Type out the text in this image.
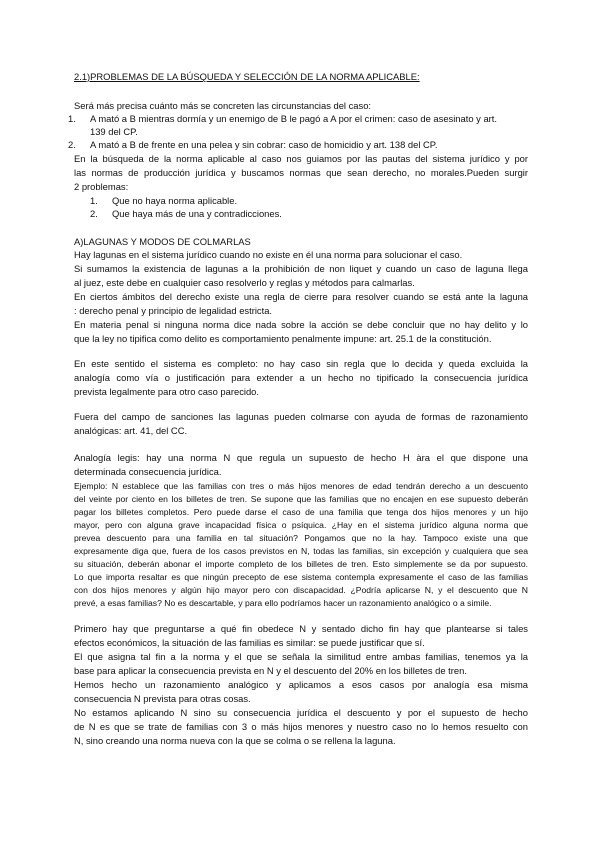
2.1)PROBLEMAS DE LA BÚSQUEDA Y SELECCIÓN DE LA NORMA APLICABLE:
Será más precisa cuánto más se concreten las circunstancias del caso:
1. A mató a B mientras dormía y un enemigo de B le pagó a A por el crimen: caso de asesinato y art.
139 del CP.
2. A mató a B de frente en una pelea y sin cobrar: caso de homicidio y art. 138 del CP.
En la búsqueda de la norma aplicable al caso nos guiamos por las pautas del sistema jurídico y por
las normas de producción jurídica y buscamos normas que sean derecho, no morales.Pueden surgir
2 problemas:
1. Que no haya norma aplicable.
2. Que haya más de una y contradicciones.
A)LAGUNAS Y MODOS DE COLMARLAS
Hay lagunas en el sistema jurídico cuando no existe en él una norma para solucionar el caso.
Si sumamos la existencia de lagunas a la prohibición de non liquet y cuando un caso de laguna llega
al juez, este debe en cualquier caso resolverlo y reglas y métodos para calmarlas.
En ciertos ámbitos del derecho existe una regla de cierre para resolver cuando se está ante la laguna
: derecho penal y principio de legalidad estricta.
En materia penal si ninguna norma dice nada sobre la acción se debe concluir que no hay delito y lo
que la ley no tipifica como delito es comportamiento penalmente impune: art. 25.1 de la constitución.
En este sentido el sistema es completo: no hay caso sin regla que lo decida y queda excluida la
analogía como vía o justificación para extender a un hecho no tipificado la consecuencia jurídica
prevista legalmente para otro caso parecido.
Fuera del campo de sanciones las lagunas pueden colmarse con ayuda de formas de razonamiento
analógicas: art. 41, del CC.
Analogía legis: hay una norma N que regula un supuesto de hecho H àra el que dispone una
determinada consecuencia jurídica.
Ejemplo: N establece que las familias con tres o más hijos menores de edad tendrán derecho a un descuento
del veinte por ciento en los billetes de tren. Se supone que las familias que no encajen en ese supuesto deberán
pagar los billetes completos. Pero puede darse el caso de una familia que tenga dos hijos menores y un hijo
mayor, pero con alguna grave incapacidad física o psíquica. ¿Hay en el sistema jurídico alguna norma que
prevea descuento para una familia en tal situación? Pongamos que no la hay. Tampoco existe una que
expresamente diga que, fuera de los casos previstos en N, todas las familias, sin excepción y cualquiera que sea
su situación, deberán abonar el importe completo de los billetes de tren. Esto simplemente se da por supuesto.
Lo que importa resaltar es que ningún precepto de ese sistema contempla expresamente el caso de las familias
con dos hijos menores y algún hijo mayor pero con discapacidad. ¿Podría aplicarse N, y el descuento que N
prevé, a esas familias? No es descartable, y para ello podríamos hacer un razonamiento analógico o a simile.
Primero hay que preguntarse a qué fin obedece N y sentado dicho fin hay que plantearse si tales
efectos económicos, la situación de las familias es similar: se puede justificar que sí.
El que asigna tal fin a la norma y el que se señala la similitud entre ambas familias, tenemos ya la
base para aplicar la consecuencia prevista en N y el descuento del 20% en los billetes de tren.
Hemos hecho un razonamiento analógico y aplicamos a esos casos por analogía esa misma
consecuencia N prevista para otras cosas.
No estamos aplicando N sino su consecuencia jurídica el descuento y por el supuesto de hecho
de N es que se trate de familias con 3 o más hijos menores y nuestro caso no lo hemos resuelto con
N, sino creando una norma nueva con la que se colma o se rellena la laguna.
